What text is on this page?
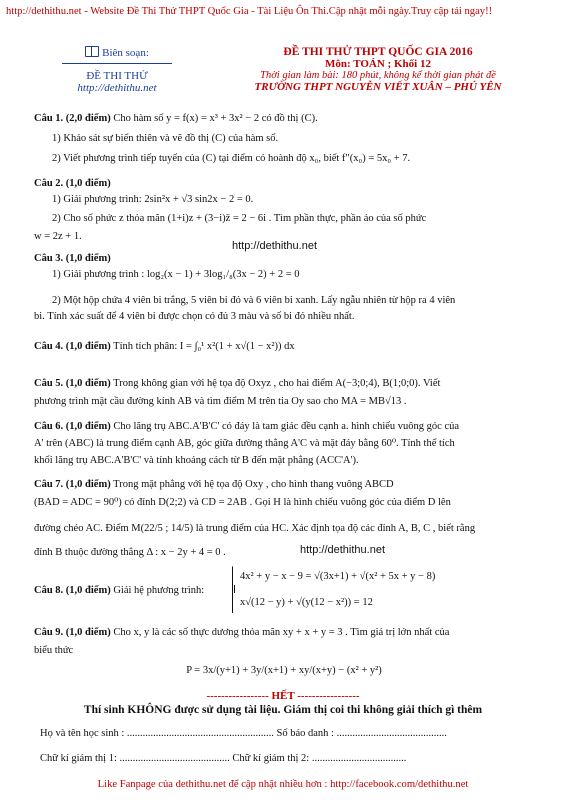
http://dethithu.net - Website Đề Thi Thử THPT Quốc Gia - Tài Liệu Ôn Thi.Cập nhật mỗi ngày.Truy cập tải ngay!!
Biên soạn:
ĐỀ THI THỬ
http://dethithu.net
ĐỀ THI THỬ THPT QUỐC GIA 2016
Môn: TOÁN ; Khối 12
Thời gian làm bài: 180 phút, không kể thời gian phát đề
TRƯỜNG THPT NGUYỄN VIẾT XUÂN – PHÚ YÊN
Câu 1. (2,0 điểm) Cho hàm số y = f(x) = x³ + 3x² − 2 có đồ thị (C).
1) Khảo sát sự biến thiên và vẽ đồ thị (C) của hàm số.
2) Viết phương trình tiếp tuyến của (C) tại điểm có hoành độ x₀, biết f″(x₀) = 5x₀ + 7.
Câu 2. (1,0 điểm)
1) Giải phương trình: 2sin²x + √3 sin2x − 2 = 0.
2) Cho số phức z thỏa mãn (1+i)z + (3−i)z̄ = 2 − 6i . Tìm phần thực, phần ảo của số phức
w = 2z + 1.
http://dethithu.net
Câu 3. (1,0 điểm)
1) Giải phương trình : log₂(x − 1) + 3log₁/₈(3x − 2) + 2 = 0
2) Một hộp chứa 4 viên bi trắng, 5 viên bi đỏ và 6 viên bi xanh. Lấy ngẫu nhiên từ hộp ra 4 viên
bi. Tính xác suất để 4 viên bi được chọn có đủ 3 màu và số bi đỏ nhiều nhất.
Câu 4. (1,0 điểm) Tính tích phân: I = ∫₀¹ x²(1 + x√(1 − x²)) dx
Câu 5. (1,0 điểm) Trong không gian với hệ tọa độ Oxyz , cho hai điểm A(−3;0;4), B(1;0;0). Viết
phương trình mặt cầu đường kính AB và tìm điểm M trên tia Oy sao cho MA = MB√13 .
Câu 6. (1,0 điểm) Cho lăng trụ ABC.A'B'C' có đáy là tam giác đều cạnh a. hình chiếu vuông góc của
A' trên (ABC) là trung điểm cạnh AB, góc giữa đường thẳng A'C và mặt đáy bằng 60⁰. Tính thể tích
khối lăng trụ ABC.A'B'C' và tính khoảng cách từ B đến mặt phẳng (ACC'A').
Câu 7. (1,0 điểm) Trong mặt phẳng với hệ tọa độ Oxy , cho hình thang vuông ABCD
(BAD = ADC = 90⁰) có đỉnh D(2;2) và CD = 2AB . Gọi H là hình chiếu vuông góc của điểm D lên
đường chéo AC. Điểm M(22/5 ; 14/5) là trung điểm của HC. Xác định tọa độ các đỉnh A, B, C , biết rằng
đỉnh B thuộc đường thẳng Δ : x − 2y + 4 = 0 .	http://dethithu.net
Câu 8. (1,0 điểm) Giải hệ phương trình:
4x² + y − x − 9 = √(3x+1) + √(x² + 5x + y − 8)
x√(12 − y) + √(y(12 − x²)) = 12
Câu 9. (1,0 điểm) Cho x, y là các số thực dương thỏa mãn xy + x + y = 3 . Tìm giá trị lớn nhất của
biểu thức
P = 3x/(y+1) + 3y/(x+1) + xy/(x+y) − (x² + y²)
----------------- HẾT -----------------
Thí sinh KHÔNG được sử dụng tài liệu. Giám thị coi thi không giải thích gì thêm
Họ và tên học sinh : ........................................................ Số báo danh : ..........................................
Chữ kí giám thị 1: .......................................... Chữ kí giám thị 2: ....................................
Like Fanpage của dethithu.net để cập nhật nhiều hơn : http://facebook.com/dethithu.net
